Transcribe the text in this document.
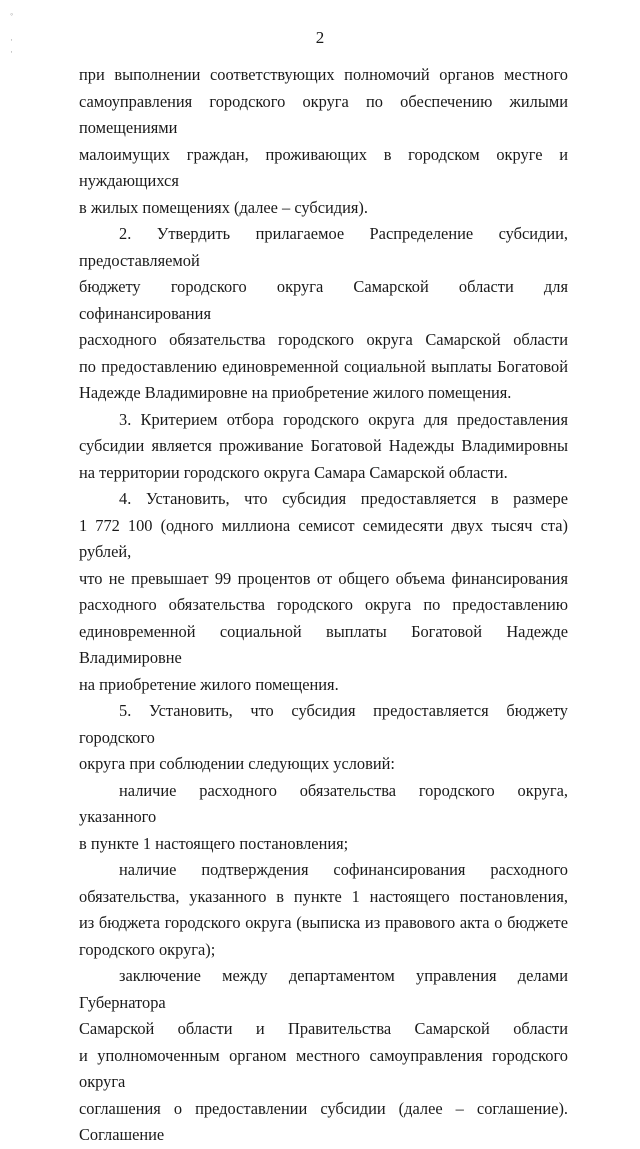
◦
·
·
2

при выполнении соответствующих полномочий органов местного

самоуправления городского округа по обеспечению жилыми помещениями

малоимущих граждан, проживающих в городском округе и нуждающихся

в жилых помещениях (далее – субсидия).

2. Утвердить прилагаемое Распределение субсидии, предоставляемой

бюджету городского округа Самарской области для софинансирования

расходного обязательства городского округа Самарской области

по предоставлению единовременной социальной выплаты Богатовой

Надежде Владимировне на приобретение жилого помещения.

3. Критерием отбора городского округа для предоставления

субсидии является проживание Богатовой Надежды Владимировны

на территории городского округа Самара Самарской области.

4. Установить, что субсидия предоставляется в размере

1 772 100 (одного миллиона семисот семидесяти двух тысяч ста) рублей,

что не превышает 99 процентов от общего объема финансирования

расходного обязательства городского округа по предоставлению

единовременной социальной выплаты Богатовой Надежде Владимировне

на приобретение жилого помещения.

5. Установить, что субсидия предоставляется бюджету городского

округа при соблюдении следующих условий:

наличие расходного обязательства городского округа, указанного

в пункте 1 настоящего постановления;

наличие подтверждения софинансирования расходного

обязательства, указанного в пункте 1 настоящего постановления,

из бюджета городского округа (выписка из правового акта о бюджете

городского округа);

заключение между департаментом управления делами Губернатора

Самарской области и Правительства Самарской области

и уполномоченным органом местного самоуправления городского округа

соглашения о предоставлении субсидии (далее – соглашение). Соглашение
